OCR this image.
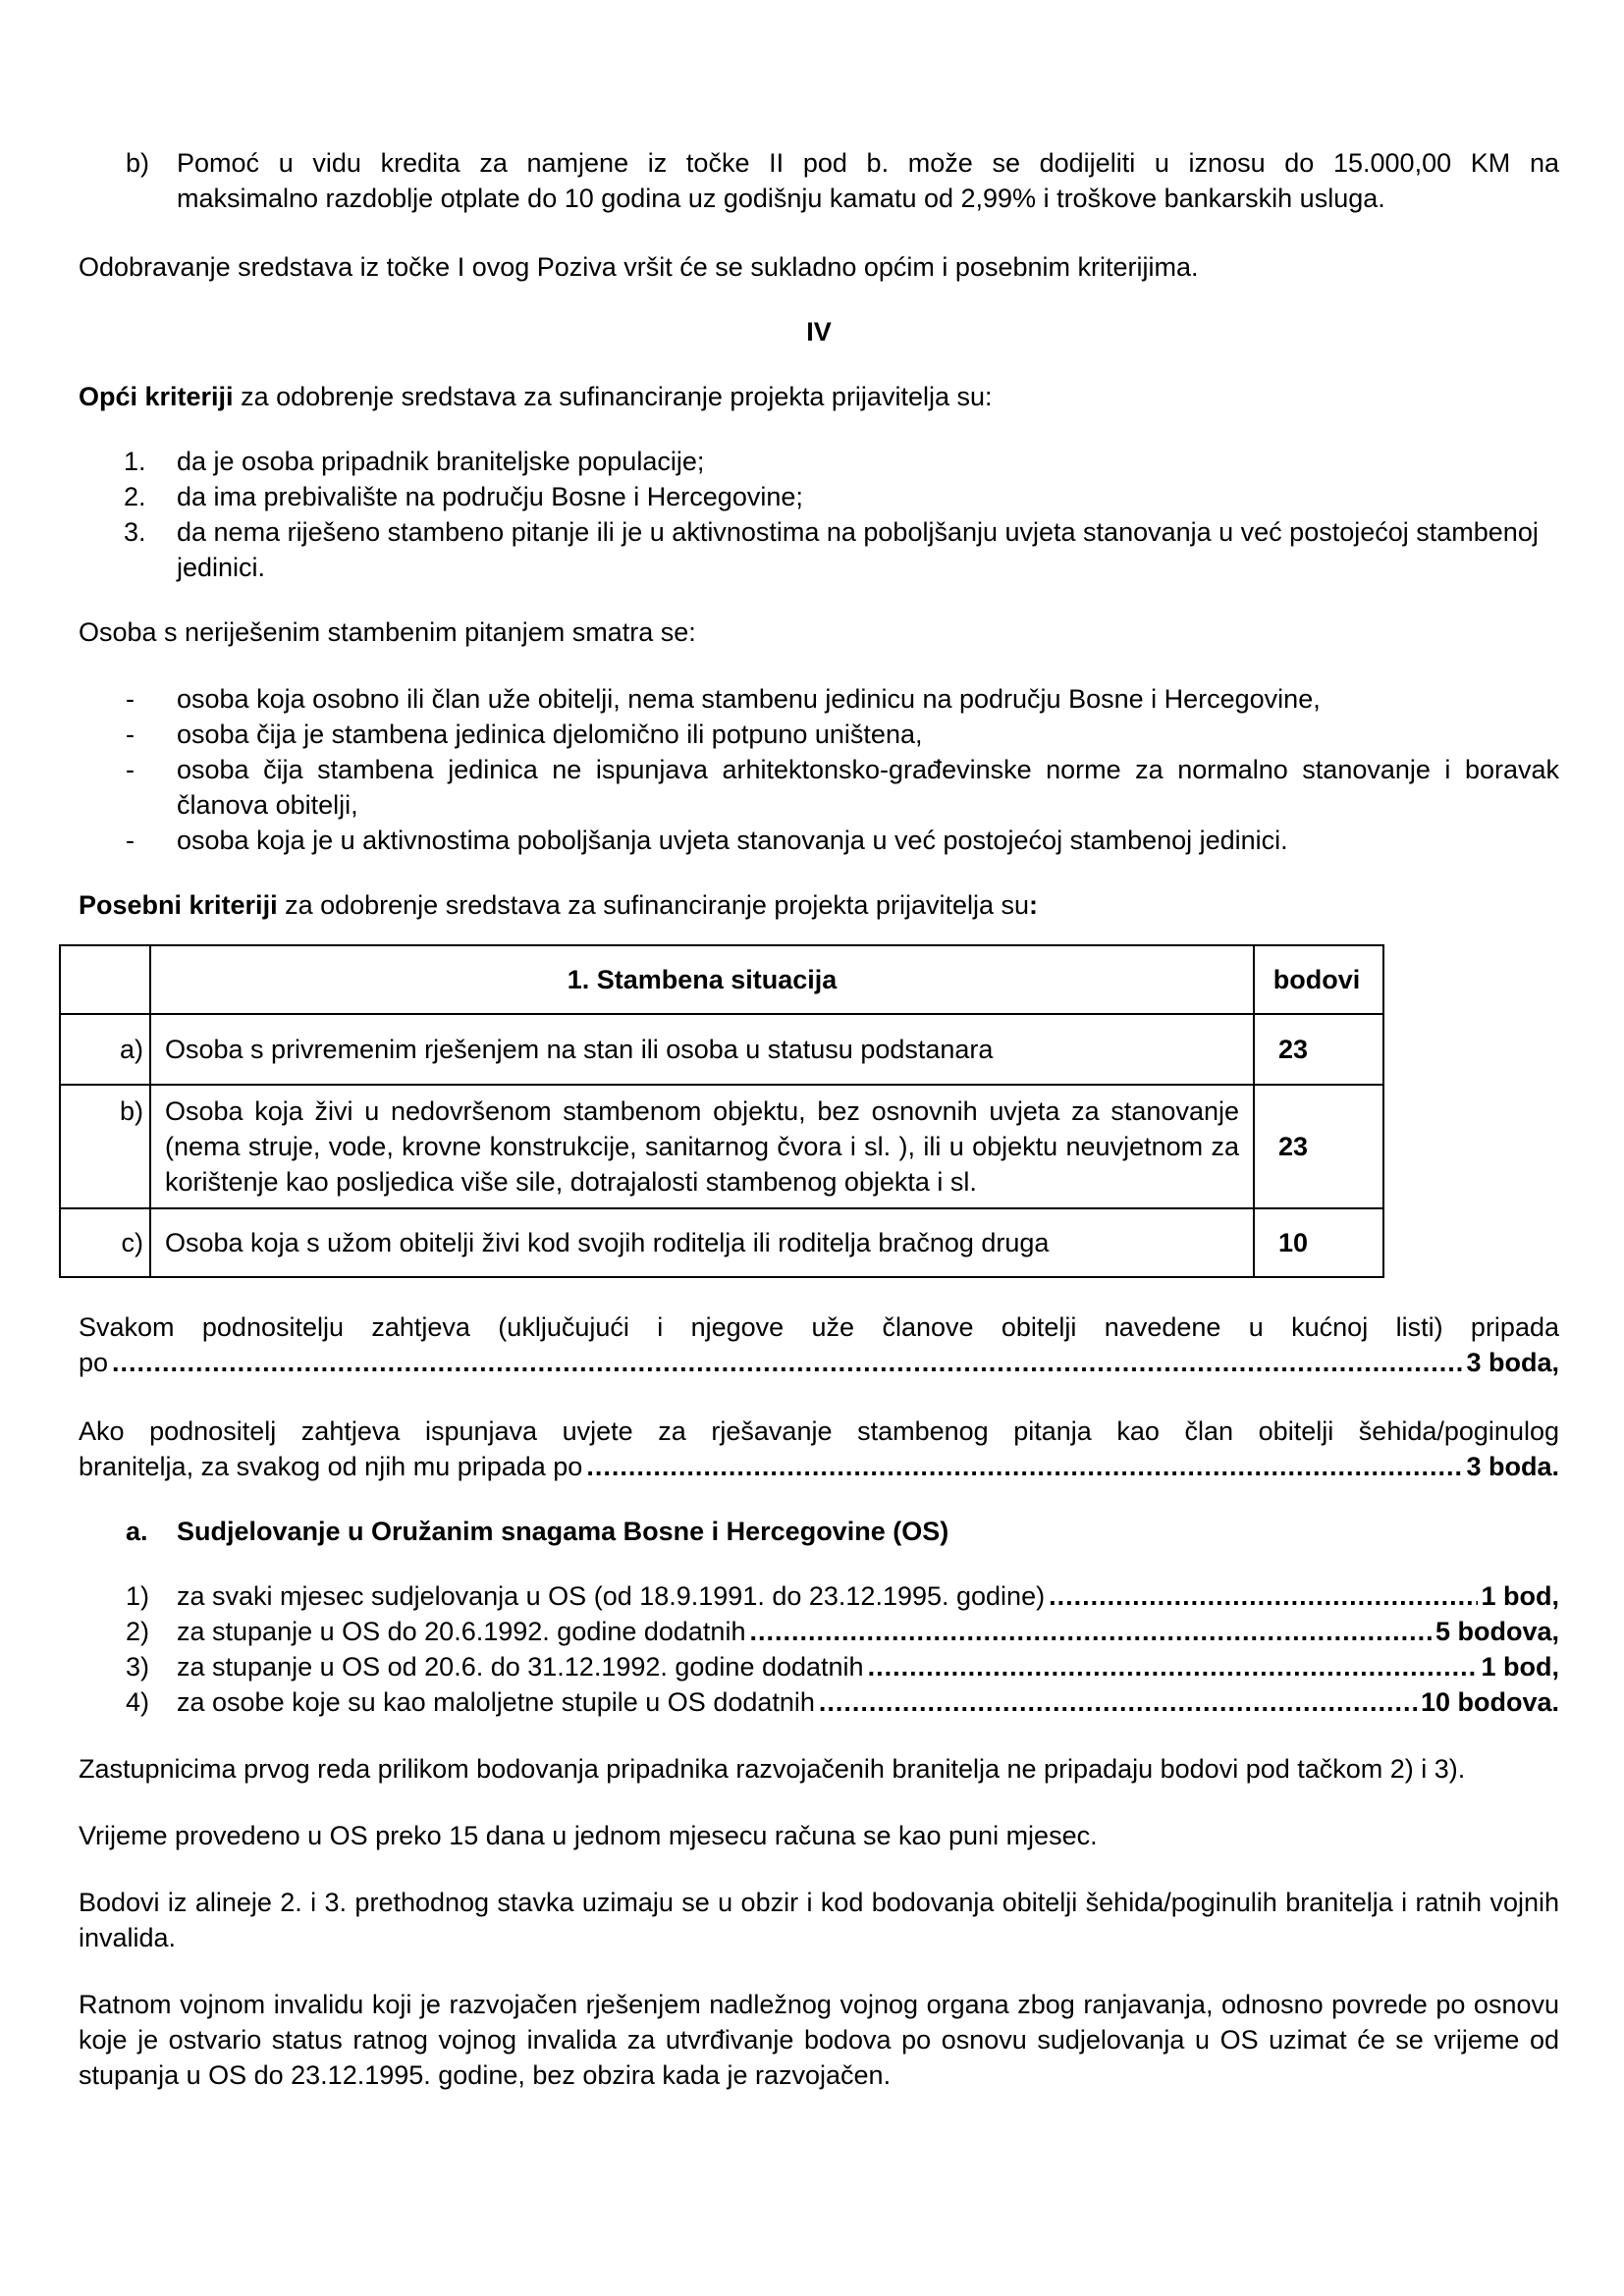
b) Pomoć u vidu kredita za namjene iz točke II pod b. može se dodijeliti u iznosu do 15.000,00 KM na

maksimalno razdoblje otplate do 10 godina uz godišnju kamatu od 2,99% i troškove bankarskih usluga.

Odobravanje sredstava iz točke I ovog Poziva vršit će se sukladno općim i posebnim kriterijima.

IV

Opći kriteriji za odobrenje sredstava za sufinanciranje projekta prijavitelja su:

1. da je osoba pripadnik braniteljske populacije;

2. da ima prebivalište na području Bosne i Hercegovine;

3. da nema riješeno stambeno pitanje ili je u aktivnostima na poboljšanju uvjeta stanovanja u već postojećoj stambenoj jedinici.

Osoba s neriješenim stambenim pitanjem smatra se:

- osoba koja osobno ili član uže obitelji, nema stambenu jedinicu na području Bosne i Hercegovine,

- osoba čija je stambena jedinica djelomično ili potpuno uništena,

- osoba čija stambena jedinica ne ispunjava arhitektonsko-građevinske norme za normalno stanovanje i boravak članova obitelji,

- osoba koja je u aktivnostima poboljšanja uvjeta stanovanja u već postojećoj stambenoj jedinici.

Posebni kriteriji za odobrenje sredstava za sufinanciranje projekta prijavitelja su:

	1. Stambena situacija	bodovi
a)	Osoba s privremenim rješenjem na stan ili osoba u statusu podstanara	23
b)	Osoba koja živi u nedovršenom stambenom objektu, bez osnovnih uvjeta za stanovanje (nema struje, vode, krovne konstrukcije, sanitarnog čvora i sl. ), ili u objektu neuvjetnom za korištenje kao posljedica više sile, dotrajalosti stambenog objekta i sl.	23
c)	Osoba koja s užom obitelji živi kod svojih roditelja ili roditelja bračnog druga	10

Svakom podnositelju zahtjeva (uključujući i njegove uže članove obitelji navedene u kućnoj listi) pripada

po .....	3 boda,

Ako podnositelj zahtjeva ispunjava uvjete za rješavanje stambenog pitanja kao član obitelji šehida/poginulog

branitelja, za svakog od njih mu pripada po .....	3 boda.
a. Sudjelovanje u Oružanim snagama Bosne i Hercegovine (OS)

1) za svaki mjesec sudjelovanja u OS (od 18.9.1991. do 23.12.1995. godine) .....	1 bod,
2) za stupanje u OS do 20.6.1992. godine dodatnih .....	5 bodova,
3) za stupanje u OS od 20.6. do 31.12.1992. godine dodatnih .....	1 bod,
4) za osobe koje su kao maloljetne stupile u OS dodatnih .....	10 bodova.

Zastupnicima prvog reda prilikom bodovanja pripadnika razvojačenih branitelja ne pripadaju bodovi pod tačkom 2) i 3).

Vrijeme provedeno u OS preko 15 dana u jednom mjesecu računa se kao puni mjesec.

Bodovi iz alineje 2. i 3. prethodnog stavka uzimaju se u obzir i kod bodovanja obitelji šehida/poginulih branitelja i ratnih vojnih invalida.

Ratnom vojnom invalidu koji je razvojačen rješenjem nadležnog vojnog organa zbog ranjavanja, odnosno povrede po osnovu koje je ostvario status ratnog vojnog invalida za utvrđivanje bodova po osnovu sudjelovanja u OS uzimat će se vrijeme od stupanja u OS do 23.12.1995. godine, bez obzira kada je razvojačen.
